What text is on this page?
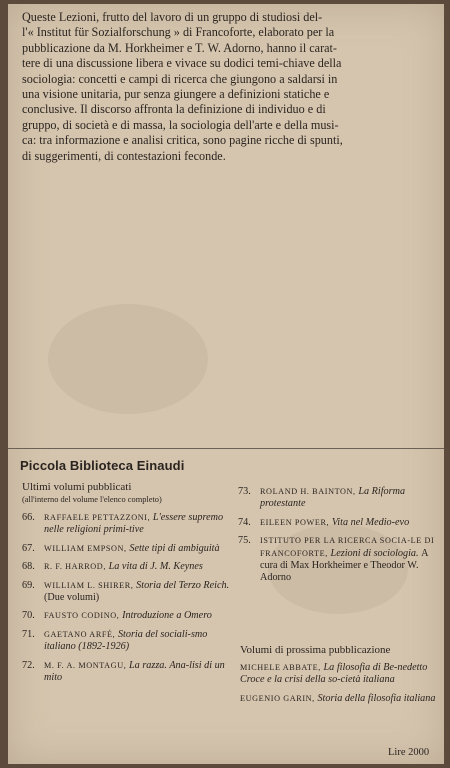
Queste Lezioni, frutto del lavoro di un gruppo di studiosi del-

l'« Institut für Sozialforschung » di Francoforte, elaborato per la

pubblicazione da M. Horkheimer e T. W. Adorno, hanno il carat-

tere di una discussione libera e vivace su dodici temi-chiave della

sociologia: concetti e campi di ricerca che giungono a saldarsi in

una visione unitaria, pur senza giungere a definizioni statiche e

conclusive. Il discorso affronta la definizione di individuo e di

gruppo, di società e di massa, la sociologia dell'arte e della musi-

ca: tra informazione e analisi critica, sono pagine ricche di spunti,

di suggerimenti, di contestazioni feconde.

Piccola Biblioteca Einaudi
Ultimi volumi pubblicati
(all'interno del volume l'elenco completo)
66. RAFFAELE PETTAZZONI, L'essere supremo nelle religioni primi-tive
67. WILLIAM EMPSON, Sette tipi di ambiguità
68. R. F. HARROD, La vita di J. M. Keynes
69. WILLIAM L. SHIRER, Storia del Terzo Reich. (Due volumi)
70. FAUSTO CODINO, Introduzione a Omero
71. GAETANO ARFÉ, Storia del sociali-smo italiano (1892-1926)
72. M. F. A. MONTAGU, La razza. Ana-lisi di un mito
73. ROLAND H. BAINTON, La Riforma protestante
74. EILEEN POWER, Vita nel Medio-evo
75. ISTITUTO PER LA RICERCA SOCIA-LE DI FRANCOFORTE, Lezioni di sociologia. A cura di Max Horkheimer e Theodor W. Adorno
Volumi di prossima pubblicazione
MICHELE ABBATE, La filosofia di Be-nedetto Croce e la crisi della so-cietà italiana
EUGENIO GARIN, Storia della filosofia italiana
Lire 2000
